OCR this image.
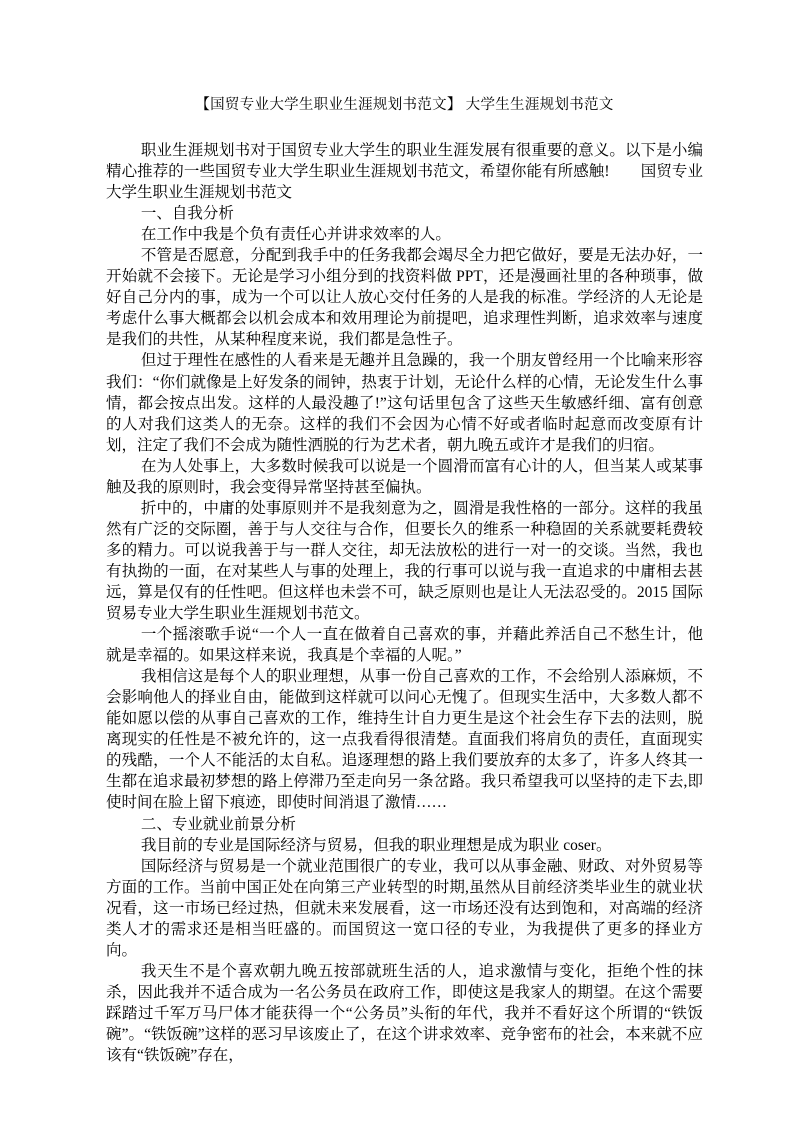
【国贸专业大学生职业生涯规划书范文】 大学生生涯规划书范文

职业生涯规划书对于国贸专业大学生的职业生涯发展有很重要的意义。以下是小编精心推荐的一些国贸专业大学生职业生涯规划书范文，希望你能有所感触!　　国贸专业大学生职业生涯规划书范文

一、自我分析

在工作中我是个负有责任心并讲求效率的人。

不管是否愿意，分配到我手中的任务我都会竭尽全力把它做好，要是无法办好，一开始就不会接下。无论是学习小组分到的找资料做 PPT，还是漫画社里的各种琐事，做好自己分内的事，成为一个可以让人放心交付任务的人是我的标准。学经济的人无论是考虑什么事大概都会以机会成本和效用理论为前提吧，追求理性判断，追求效率与速度是我们的共性，从某种程度来说，我们都是急性子。

但过于理性在感性的人看来是无趣并且急躁的，我一个朋友曾经用一个比喻来形容我们：“你们就像是上好发条的闹钟，热衷于计划，无论什么样的心情，无论发生什么事情，都会按点出发。这样的人最没趣了!”这句话里包含了这些天生敏感纤细、富有创意的人对我们这类人的无奈。这样的我们不会因为心情不好或者临时起意而改变原有计划，注定了我们不会成为随性洒脱的行为艺术者，朝九晚五或许才是我们的归宿。

在为人处事上，大多数时候我可以说是一个圆滑而富有心计的人，但当某人或某事触及我的原则时，我会变得异常坚持甚至偏执。

折中的，中庸的处事原则并不是我刻意为之，圆滑是我性格的一部分。这样的我虽然有广泛的交际圈，善于与人交往与合作，但要长久的维系一种稳固的关系就要耗费较多的精力。可以说我善于与一群人交往，却无法放松的进行一对一的交谈。当然，我也有执拗的一面，在对某些人与事的处理上，我的行事可以说与我一直追求的中庸相去甚远，算是仅有的任性吧。但这样也未尝不可，缺乏原则也是让人无法忍受的。2015 国际贸易专业大学生职业生涯规划书范文。

一个摇滚歌手说“一个人一直在做着自己喜欢的事，并藉此养活自己不愁生计，他就是幸福的。如果这样来说，我真是个幸福的人呢。”

我相信这是每个人的职业理想，从事一份自己喜欢的工作，不会给别人添麻烦，不会影响他人的择业自由，能做到这样就可以问心无愧了。但现实生活中，大多数人都不能如愿以偿的从事自己喜欢的工作，维持生计自力更生是这个社会生存下去的法则，脱离现实的任性是不被允许的，这一点我看得很清楚。直面我们将肩负的责任，直面现实的残酷，一个人不能活的太自私。追逐理想的路上我们要放弃的太多了，许多人终其一生都在追求最初梦想的路上停滞乃至走向另一条岔路。我只希望我可以坚持的走下去,即使时间在脸上留下痕迹，即使时间消退了激情……

二、专业就业前景分析

我目前的专业是国际经济与贸易，但我的职业理想是成为职业 coser。

国际经济与贸易是一个就业范围很广的专业，我可以从事金融、财政、对外贸易等方面的工作。当前中国正处在向第三产业转型的时期,虽然从目前经济类毕业生的就业状况看，这一市场已经过热，但就未来发展看，这一市场还没有达到饱和，对高端的经济类人才的需求还是相当旺盛的。而国贸这一宽口径的专业，为我提供了更多的择业方向。

我天生不是个喜欢朝九晚五按部就班生活的人，追求激情与变化，拒绝个性的抹杀，因此我并不适合成为一名公务员在政府工作，即使这是我家人的期望。在这个需要踩踏过千军万马尸体才能获得一个“公务员”头衔的年代，我并不看好这个所谓的“铁饭碗”。“铁饭碗”这样的恶习早该废止了，在这个讲求效率、竞争密布的社会，本来就不应该有“铁饭碗”存在，
